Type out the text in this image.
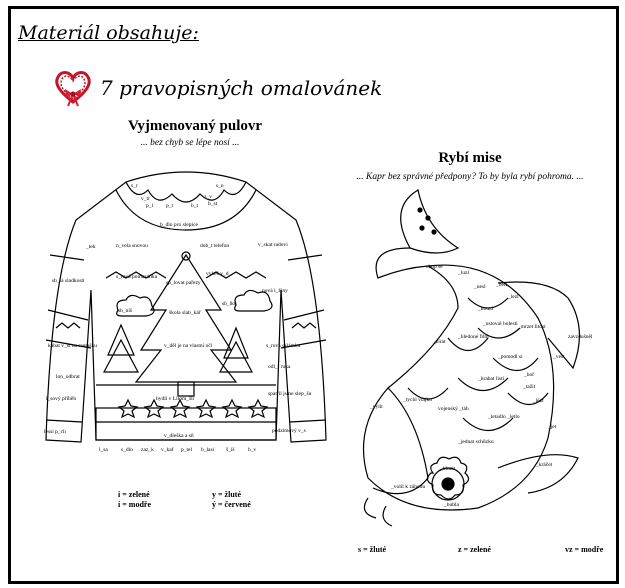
Materiál obsahuje:
7 pravopisných omalovánek
Vyjmenovaný pulovr
... bez chyb se lépe nosí ...
s_r	s_n
p_l p_t	b_t b_st
v_tr	z_v
b_dlo pro slepice
_tek	n_vela snovou	dob_t telefon	v_skat radovi
s_rová pomazánka	vykeš v_d
sb_íá sladkosti	sp_lovat pařezy
nová l_žiny
sb_níš
sb_lku
škola slab_kář
kabat v_st na rantašku	v_děl je na vlastní oči	s_rová salámka
lon_odbrat
odl_t ruka
l_sový příběh
spatřil jsme slep_šu
lessi p_ch
bydlí v Litom_šli
podzimový v_s
v_dleška a sň
l_sa s_dlo zaz_k v_kaf p_tel b_lasi š_iš b_v
i = zelené
í = modře
y = žluté
ý = červené
Rybí mise
... Kapr bez správné předpony? To by byla rybí pohroma. ...
chop se
_luzl
_nesl _bělt
_lezl
_kouzl
_ustoval bolesti _mrzet litost
zavzdušněl
_zírat
_hledoné film
_pomodl si
_hrabat listi
_hoř
_tažit
_lézt
_vylit
_tychl vlajku
vojenský _táh
_letadlo _letlo
_jednat schůzku
_volil k záhodu
_kluzit
_bubla
_kráčet
_vést
_jet
s = žluté	z = zelené	vz = modře
